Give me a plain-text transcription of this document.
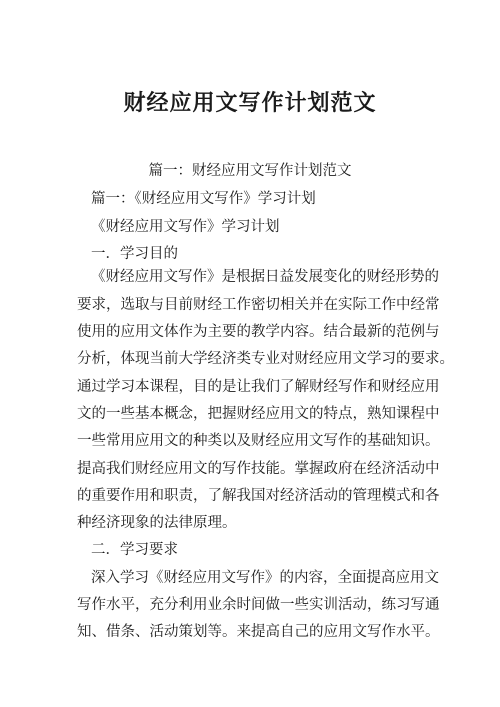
财经应用文写作计划范文
篇一：财经应用文写作计划范文
篇一：《财经应用文写作》学习计划
《财经应用文写作》学习计划
一．学习目的
《财经应用文写作》是根据日益发展变化的财经形势的
要求，选取与目前财经工作密切相关并在实际工作中经常
使用的应用文体作为主要的教学内容。结合最新的范例与
分析，体现当前大学经济类专业对财经应用文学习的要求。
通过学习本课程，目的是让我们了解财经写作和财经应用
文的一些基本概念，把握财经应用文的特点，熟知课程中
一些常用应用文的种类以及财经应用文写作的基础知识。
提高我们财经应用文的写作技能。掌握政府在经济活动中
的重要作用和职责，了解我国对经济活动的管理模式和各
种经济现象的法律原理。
二．学习要求
深入学习《财经应用文写作》的内容，全面提高应用文
写作水平，充分利用业余时间做一些实训活动，练习写通
知、借条、活动策划等。来提高自己的应用文写作水平。
